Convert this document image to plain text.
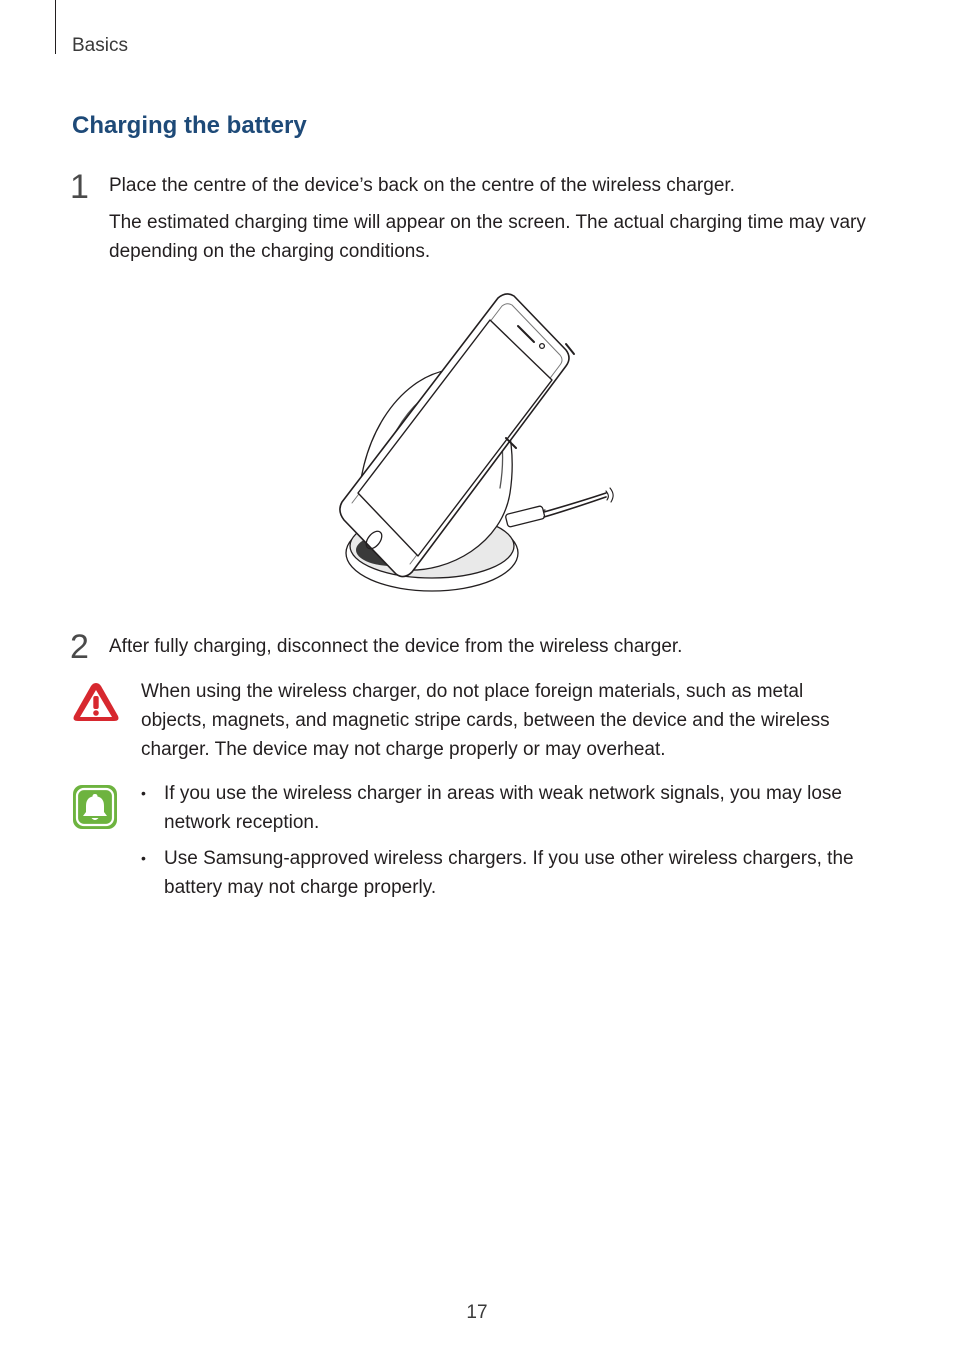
Basics
Charging the battery
1 Place the centre of the device’s back on the centre of the wireless charger.
The estimated charging time will appear on the screen. The actual charging time may vary depending on the charging conditions.
2 After fully charging, disconnect the device from the wireless charger.
When using the wireless charger, do not place foreign materials, such as metal objects, magnets, and magnetic stripe cards, between the device and the wireless charger. The device may not charge properly or may overheat.
• If you use the wireless charger in areas with weak network signals, you may lose network reception.
• Use Samsung-approved wireless chargers. If you use other wireless chargers, the battery may not charge properly.
17
